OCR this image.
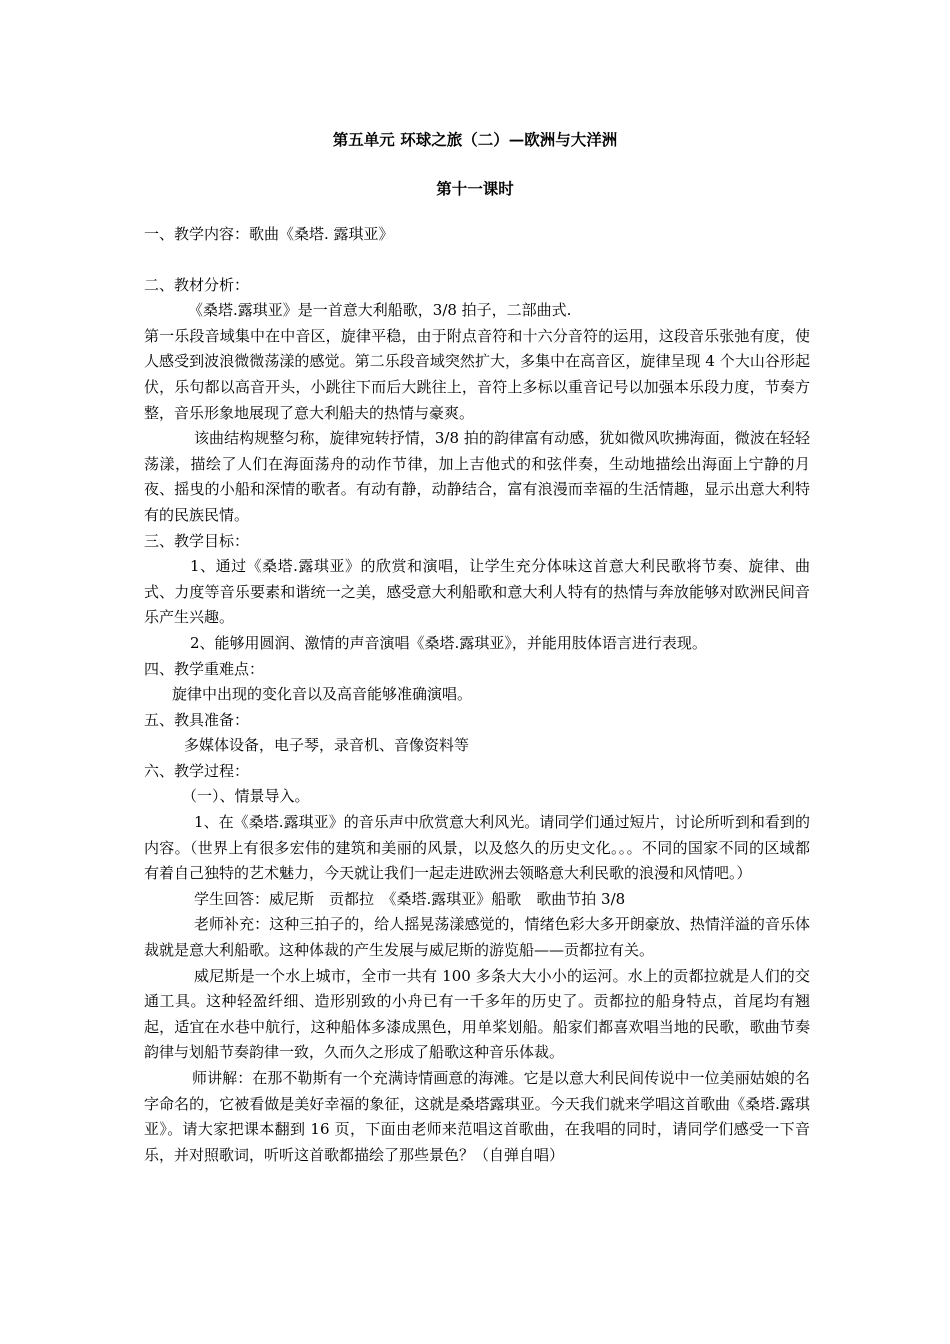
第五单元 环球之旅（二）—欧洲与大洋洲
第十一课时

一、教学内容：歌曲《桑塔. 露琪亚》

二、教材分析：

《桑塔.露琪亚》是一首意大利船歌，3/8 拍子，二部曲式.

第一乐段音域集中在中音区，旋律平稳，由于附点音符和十六分音符的运用，这段音乐张弛有度，使人感受到波浪微微荡漾的感觉。第二乐段音域突然扩大，多集中在高音区，旋律呈现 4 个大山谷形起伏，乐句都以高音开头，小跳往下而后大跳往上，音符上多标以重音记号以加强本乐段力度，节奏方整，音乐形象地展现了意大利船夫的热情与豪爽。

该曲结构规整匀称，旋律宛转抒情，3/8 拍的韵律富有动感，犹如微风吹拂海面，微波在轻轻荡漾，描绘了人们在海面荡舟的动作节律，加上吉他式的和弦伴奏，生动地描绘出海面上宁静的月夜、摇曳的小船和深情的歌者。有动有静，动静结合，富有浪漫而幸福的生活情趣，显示出意大利特有的民族民情。

三、教学目标：

1、通过《桑塔.露琪亚》的欣赏和演唱，让学生充分体味这首意大利民歌将节奏、旋律、曲式、力度等音乐要素和谐统一之美，感受意大利船歌和意大利人特有的热情与奔放能够对欧洲民间音乐产生兴趣。

2、能够用圆润、激情的声音演唱《桑塔.露琪亚》，并能用肢体语言进行表现。

四、教学重难点：

旋律中出现的变化音以及高音能够准确演唱。

五、教具准备：

多媒体设备，电子琴，录音机、音像资料等

六、教学过程：

（一）、情景导入。

1、在《桑塔.露琪亚》的音乐声中欣赏意大利风光。请同学们通过短片，讨论所听到和看到的内容。（世界上有很多宏伟的建筑和美丽的风景，以及悠久的历史文化。。。不同的国家不同的区域都有着自己独特的艺术魅力，今天就让我们一起走进欧洲去领略意大利民歌的浪漫和风情吧。）

学生回答：威尼斯　贡都拉　《桑塔.露琪亚》船歌　歌曲节拍 3/8

老师补充：这种三拍子的，给人摇晃荡漾感觉的，情绪色彩大多开朗豪放、热情洋溢的音乐体裁就是意大利船歌。这种体裁的产生发展与威尼斯的游览船——贡都拉有关。

威尼斯是一个水上城市，全市一共有 100 多条大大小小的运河。水上的贡都拉就是人们的交通工具。这种轻盈纤细、造形别致的小舟已有一千多年的历史了。贡都拉的船身特点，首尾均有翘起，适宜在水巷中航行，这种船体多漆成黑色，用单桨划船。船家们都喜欢唱当地的民歌，歌曲节奏韵律与划船节奏韵律一致，久而久之形成了船歌这种音乐体裁。

师讲解：在那不勒斯有一个充满诗情画意的海滩。它是以意大利民间传说中一位美丽姑娘的名字命名的，它被看做是美好幸福的象征，这就是桑塔露琪亚。今天我们就来学唱这首歌曲《桑塔.露琪亚》。请大家把课本翻到 16 页，下面由老师来范唱这首歌曲，在我唱的同时，请同学们感受一下音乐，并对照歌词，听听这首歌都描绘了那些景色？（自弹自唱）
